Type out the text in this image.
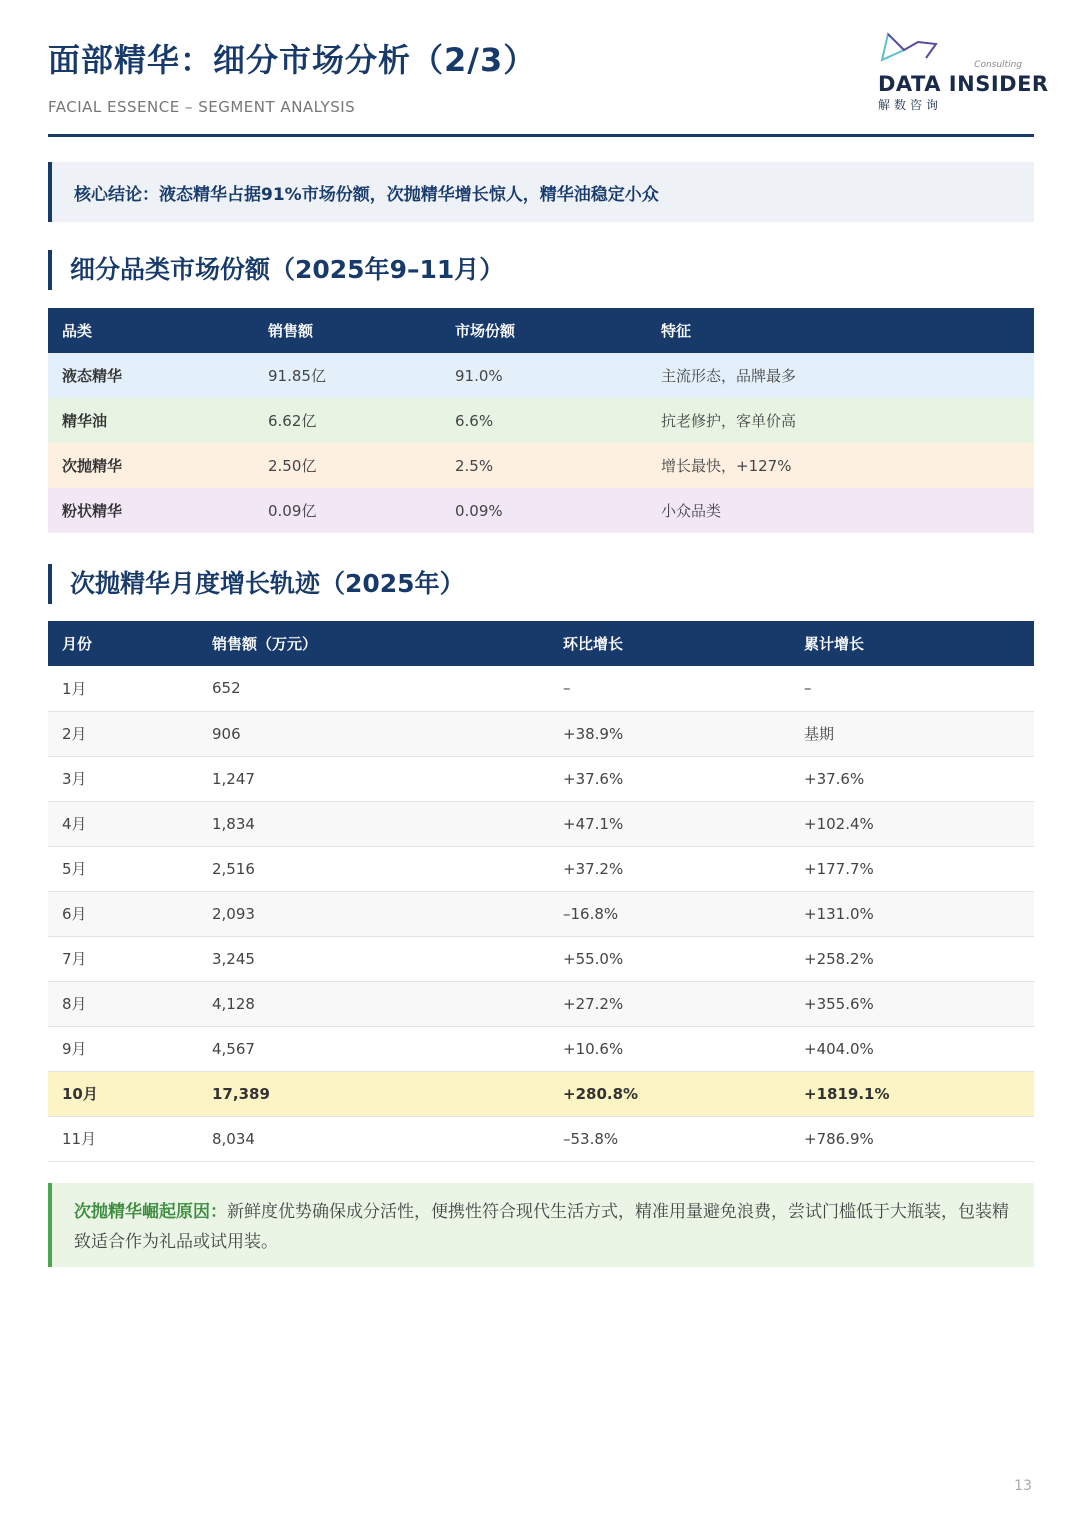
面部精华：细分市场分析（2/3）
FACIAL ESSENCE – SEGMENT ANALYSIS
Consulting
DATA INSIDER
解数咨询
核心结论：液态精华占据91%市场份额，次抛精华增长惊人，精华油稳定小众
细分品类市场份额（2025年9–11月）
品类	销售额	市场份额	特征
液态精华	91.85亿	91.0%	主流形态，品牌最多
精华油	6.62亿	6.6%	抗老修护，客单价高
次抛精华	2.50亿	2.5%	增长最快，+127%
粉状精华	0.09亿	0.09%	小众品类
次抛精华月度增长轨迹（2025年）
月份	销售额（万元）	环比增长	累计增长
1月	652	–	–
2月	906	+38.9%	基期
3月	1,247	+37.6%	+37.6%
4月	1,834	+47.1%	+102.4%
5月	2,516	+37.2%	+177.7%
6月	2,093	–16.8%	+131.0%
7月	3,245	+55.0%	+258.2%
8月	4,128	+27.2%	+355.6%
9月	4,567	+10.6%	+404.0%
10月	17,389	+280.8%	+1819.1%
11月	8,034	–53.8%	+786.9%
次抛精华崛起原因：新鲜度优势确保成分活性，便携性符合现代生活方式，精准用量避免浪费，尝试门槛低于大瓶装，包装精致适合作为礼品或试用装。
13
